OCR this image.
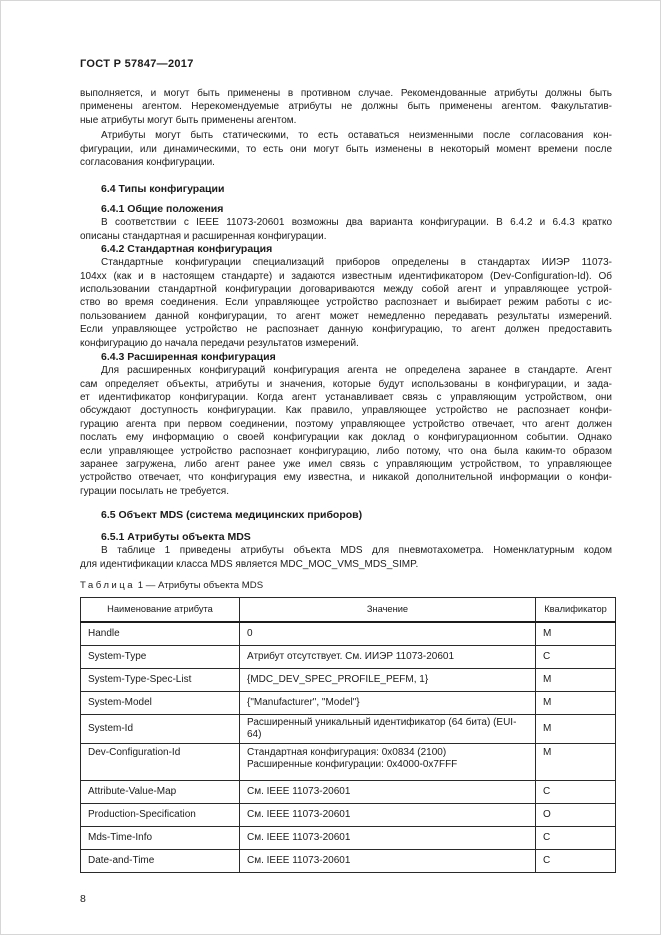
ГОСТ Р 57847—2017
выполняется, и могут быть применены в противном случае. Рекомендованные атрибуты должны быть
применены агентом. Нерекомендуемые атрибуты не должны быть применены агентом. Факультатив-
ные атрибуты могут быть применены агентом.
Атрибуты могут быть статическими, то есть оставаться неизменными после согласования кон-
фигурации, или динамическими, то есть они могут быть изменены в некоторый момент времени после
согласования конфигурации.
6.4 Типы конфигурации
6.4.1 Общие положения
В соответствии с IEEE 11073-20601 возможны два варианта конфигурации. В 6.4.2 и 6.4.3 кратко
описаны стандартная и расширенная конфигурации.
6.4.2 Стандартная конфигурация
Стандартные конфигурации специализаций приборов определены в стандартах ИИЭР 11073-
104xx (как и в настоящем стандарте) и задаются известным идентификатором (Dev-Configuration-Id). Об
использовании стандартной конфигурации договариваются между собой агент и управляющее устрой-
ство во время соединения. Если управляющее устройство распознает и выбирает режим работы с ис-
пользованием данной конфигурации, то агент может немедленно передавать результаты измерений.
Если управляющее устройство не распознает данную конфигурацию, то агент должен предоставить
конфигурацию до начала передачи результатов измерений.
6.4.3 Расширенная конфигурация
Для расширенных конфигураций конфигурация агента не определена заранее в стандарте. Агент
сам определяет объекты, атрибуты и значения, которые будут использованы в конфигурации, и зада-
ет идентификатор конфигурации. Когда агент устанавливает связь с управляющим устройством, они
обсуждают доступность конфигурации. Как правило, управляющее устройство не распознает конфи-
гурацию агента при первом соединении, поэтому управляющее устройство отвечает, что агент должен
послать ему информацию о своей конфигурации как доклад о конфигурационном событии. Однако
если управляющее устройство распознает конфигурацию, либо потому, что она была каким-то образом
заранее загружена, либо агент ранее уже имел связь с управляющим устройством, то управляющее
устройство отвечает, что конфигурация ему известна, и никакой дополнительной информации о конфи-
гурации посылать не требуется.
6.5 Объект MDS (система медицинских приборов)
6.5.1 Атрибуты объекта MDS
В таблице 1 приведены атрибуты объекта MDS для пневмотахометра. Номенклатурным кодом
для идентификации класса MDS является MDC_MOC_VMS_MDS_SIMP.
Таблица 1 — Атрибуты объекта MDS
Наименование атрибута	Значение	Квалификатор
Handle	0	M
System-Type	Атрибут отсутствует. См. ИИЭР 11073-20601	C
System-Type-Spec-List	{MDC_DEV_SPEC_PROFILE_PEFM, 1}	M
System-Model	{"Manufacturer", "Model"}	M
System-Id	Расширенный уникальный идентификатор (64 бита) (EUI-64)	M
Dev-Configuration-Id	Стандартная конфигурация: 0x0834 (2100)
Расширенные конфигурации: 0x4000-0x7FFF	M
Attribute-Value-Map	См. IEEE 11073-20601	C
Production-Specification	См. IEEE 11073-20601	O
Mds-Time-Info	См. IEEE 11073-20601	C
Date-and-Time	См. IEEE 11073-20601	C
8
